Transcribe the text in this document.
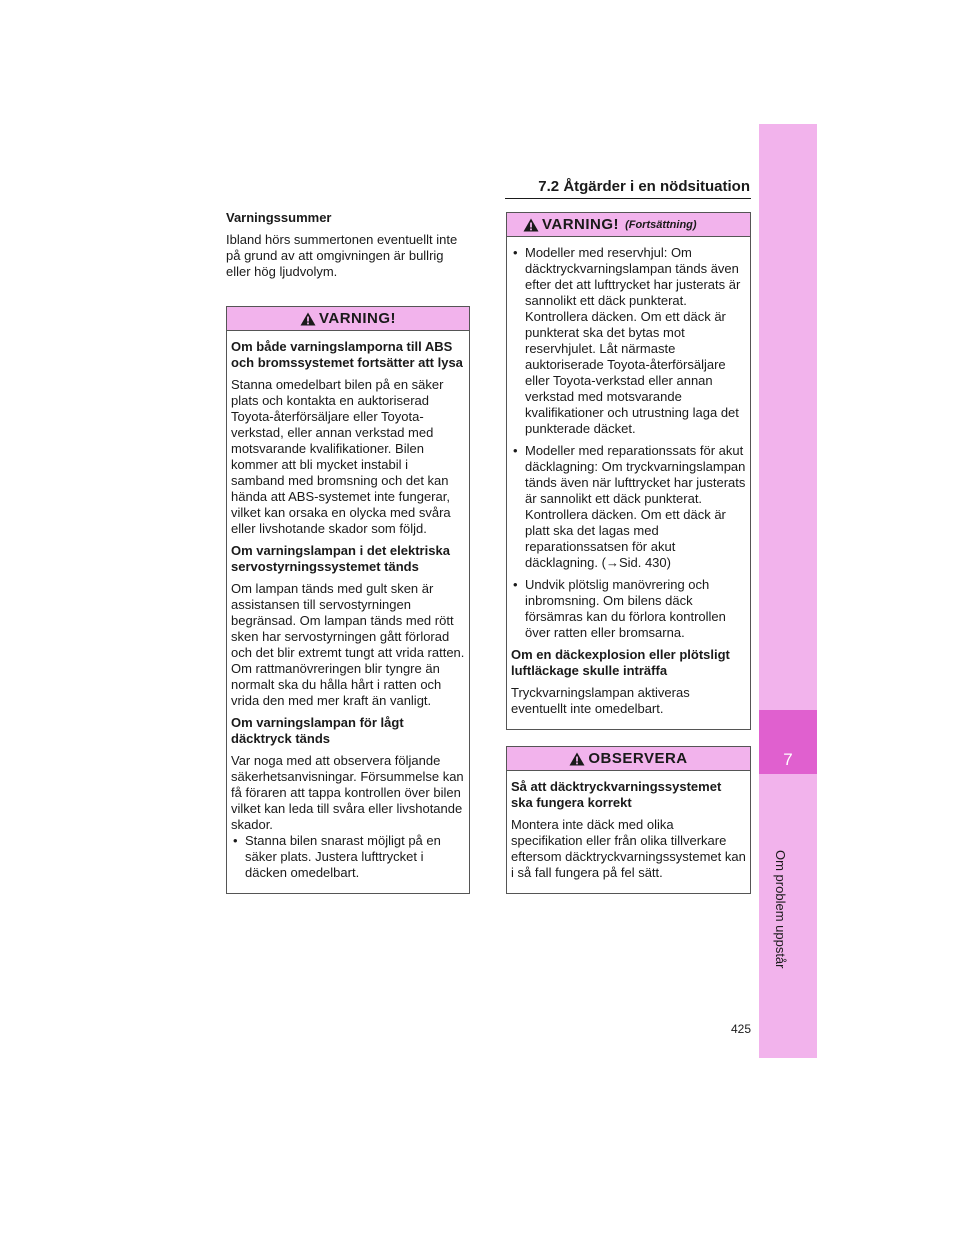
7.2 Åtgärder i en nödsituation
7
Om problem uppstår

Varningssummer

Ibland hörs summertonen eventuellt inte på grund av att omgivningen är bullrig eller hög ljudvolym.

VARNING!

Om både varningslamporna till ABS och bromssystemet fortsätter att lysa

Stanna omedelbart bilen på en säker plats och kontakta en auktoriserad Toyota-återförsäljare eller Toyota-verkstad, eller annan verkstad med motsvarande kvalifikationer. Bilen kommer att bli mycket instabil i samband med bromsning och det kan hända att ABS-systemet inte fungerar, vilket kan orsaka en olycka med svåra eller livshotande skador som följd.

Om varningslampan i det elektriska servostyrningssystemet tänds

Om lampan tänds med gult sken är assistansen till servostyrningen begränsad. Om lampan tänds med rött sken har servostyrningen gått förlorad och det blir extremt tungt att vrida ratten. Om rattmanövreringen blir tyngre än normalt ska du hålla hårt i ratten och vrida den med mer kraft än vanligt.

Om varningslampan för lågt däcktryck tänds

Var noga med att observera följande säkerhetsanvisningar. Försummelse kan få föraren att tappa kontrollen över bilen vilket kan leda till svåra eller livshotande skador.

• Stanna bilen snarast möjligt på en säker plats. Justera lufttrycket i däcken omedelbart.

VARNING! (Fortsättning)

• Modeller med reservhjul: Om däcktryckvarningslampan tänds även efter det att lufttrycket har justerats är sannolikt ett däck punkterat. Kontrollera däcken. Om ett däck är punkterat ska det bytas mot reservhjulet. Låt närmaste auktoriserade Toyota-återförsäljare eller Toyota-verkstad eller annan verkstad med motsvarande kvalifikationer och utrustning laga det punkterade däcket.

• Modeller med reparationssats för akut däcklagning: Om tryckvarningslampan tänds även när lufttrycket har justerats är sannolikt ett däck punkterat. Kontrollera däcken. Om ett däck är platt ska det lagas med reparationssatsen för akut däcklagning. (→Sid. 430)

• Undvik plötslig manövrering och inbromsning. Om bilens däck försämras kan du förlora kontrollen över ratten eller bromsarna.

Om en däckexplosion eller plötsligt luftläckage skulle inträffa

Tryckvarningslampan aktiveras eventuellt inte omedelbart.

OBSERVERA

Så att däcktryckvarningssystemet ska fungera korrekt

Montera inte däck med olika specifikation eller från olika tillverkare eftersom däcktryckvarningssystemet kan i så fall fungera på fel sätt.

425
